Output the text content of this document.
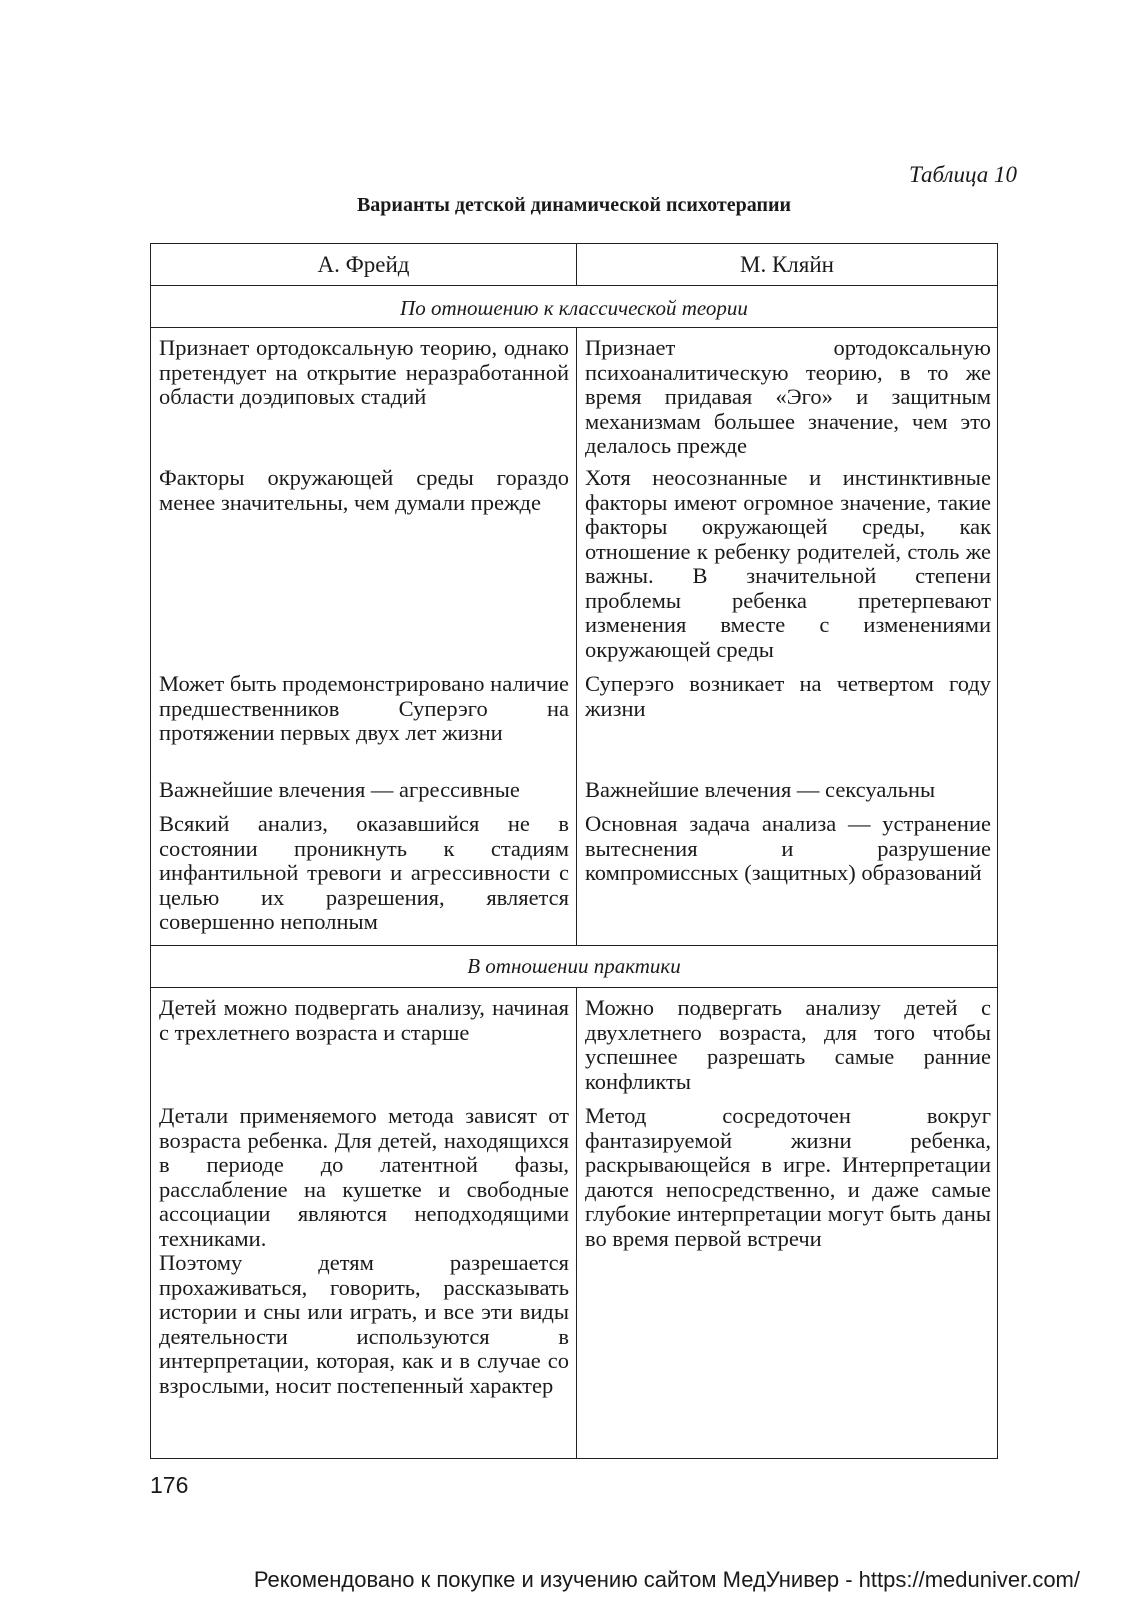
Таблица 10
Варианты детской динамической психотерапии
А. Фрейд	М. Кляйн
По отношению к классической теории
Признает ортодоксальную теорию, однако претендует на открытие неразработанной области доэдиповых стадий
Признает ортодоксальную психоаналитическую теорию, в то же время придавая «Эго» и защитным механизмам большее значение, чем это делалось прежде
Факторы окружающей среды гораздо менее значительны, чем думали прежде
Хотя неосознанные и инстинктивные факторы имеют огромное значение, такие факторы окружающей среды, как отношение к ребенку родителей, столь же важны. В значительной степени проблемы ребенка претерпевают изменения вместе с изменениями окружающей среды
Может быть продемонстрировано наличие предшественников Суперэго на протяжении первых двух лет жизни
Суперэго возникает на четвертом году жизни
Важнейшие влечения — агрессивные	Важнейшие влечения — сексуальны
Всякий анализ, оказавшийся не в состоянии проникнуть к стадиям инфантильной тревоги и агрессивности с целью их разрешения, является совершенно неполным
Основная задача анализа — устранение вытеснения и разрушение компромиссных (защитных) образований
В отношении практики
Детей можно подвергать анализу, начиная с трехлетнего возраста и старше
Можно подвергать анализу детей с двухлетнего возраста, для того чтобы успешнее разрешать самые ранние конфликты
Детали применяемого метода зависят от возраста ребенка. Для детей, находящихся в периоде до латентной фазы, расслабление на кушетке и свободные ассоциации являются неподходящими техниками.
Поэтому детям разрешается прохаживаться, говорить, рассказывать истории и сны или играть, и все эти виды деятельности используются в интерпретации, которая, как и в случае со взрослыми, носит постепенный характер
Метод сосредоточен вокруг фантазируемой жизни ребенка, раскрывающейся в игре. Интерпретации даются непосредственно, и даже самые глубокие интерпретации могут быть даны во время первой встречи
176
Рекомендовано к покупке и изучению сайтом МедУнивер - https://meduniver.com/
